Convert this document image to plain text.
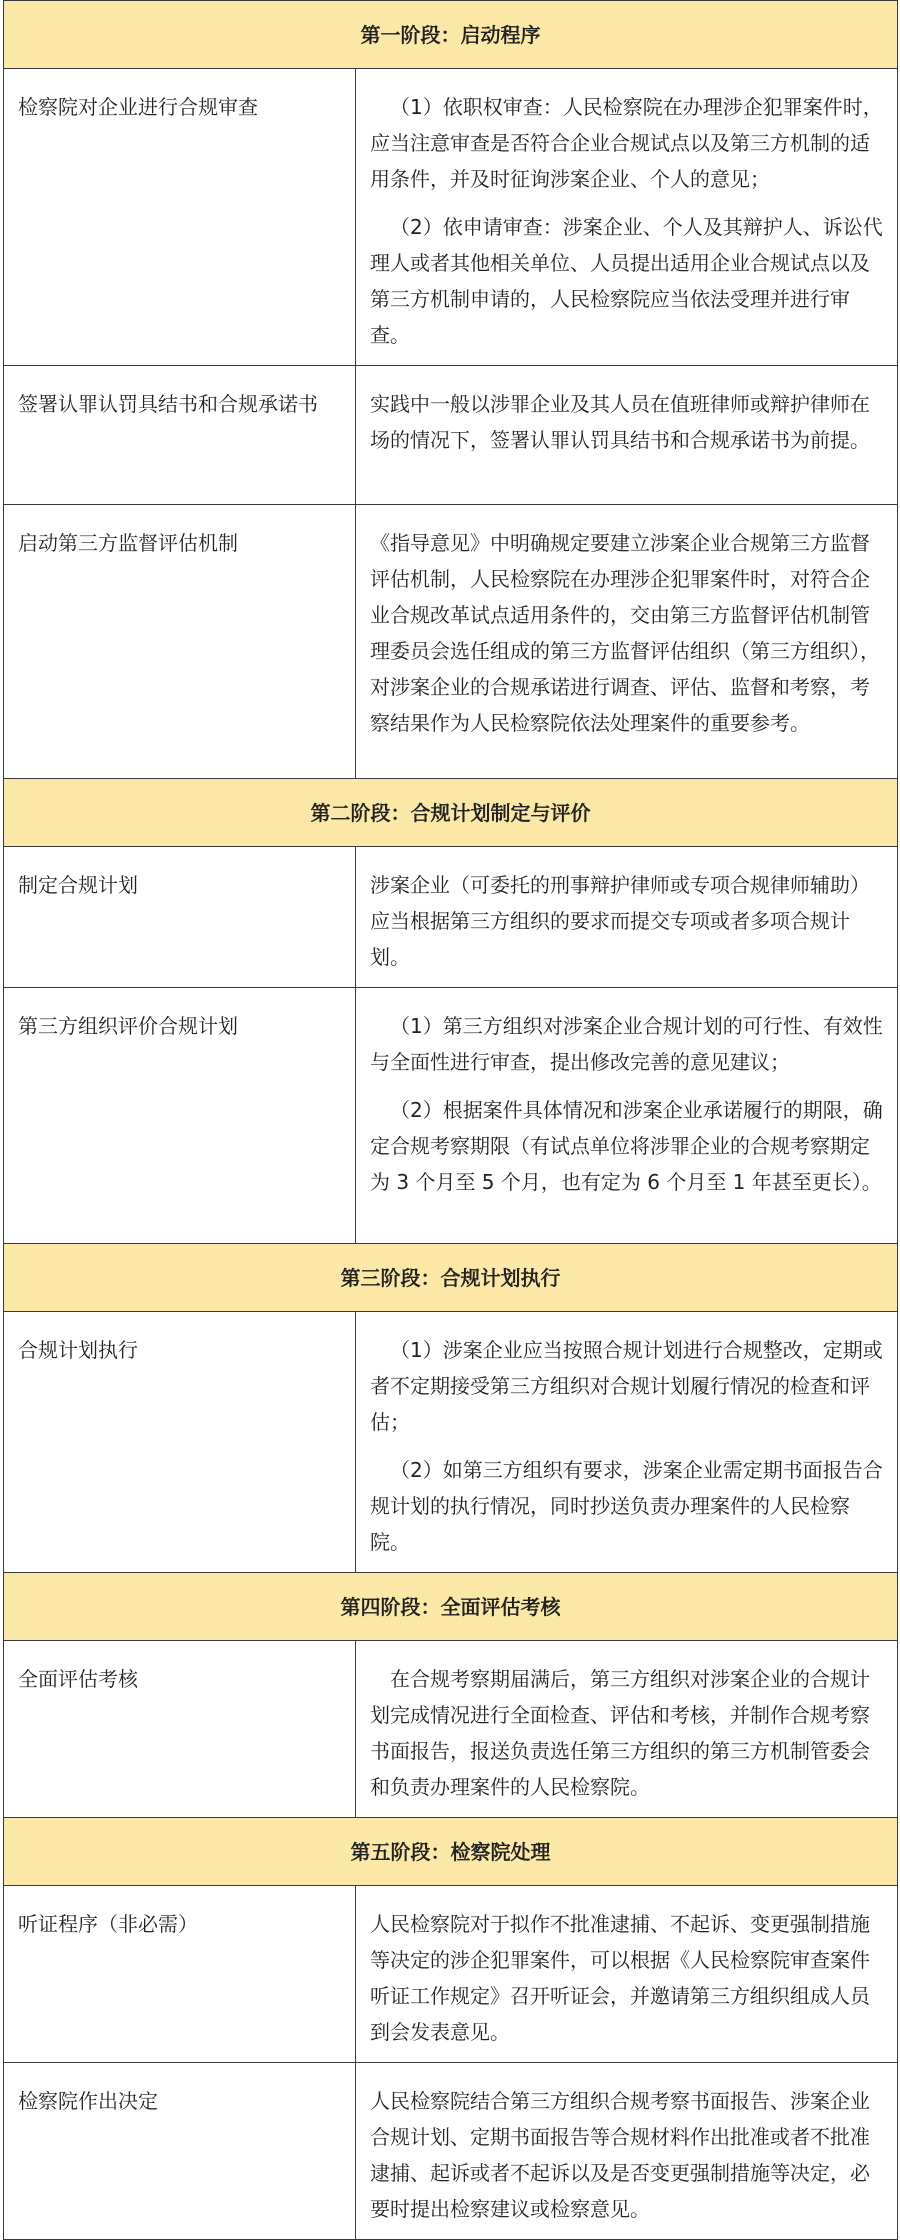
第一阶段：启动程序	
检察院对企业进行合规审查	（1）依职权审查：人民检察院在办理涉企犯罪案件时，应当注意审查是否符合企业合规试点以及第三方机制的适用条件，并及时征询涉案企业、个人的意见；

（2）依申请审查：涉案企业、个人及其辩护人、诉讼代理人或者其他相关单位、人员提出适用企业合规试点以及第三方机制申请的，人民检察院应当依法受理并进行审查。

签署认罪认罚具结书和合规承诺书	实践中一般以涉罪企业及其人员在值班律师或辩护律师在场的情况下，签署认罪认罚具结书和合规承诺书为前提。

启动第三方监督评估机制	《指导意见》中明确规定要建立涉案企业合规第三方监督评估机制，人民检察院在办理涉企犯罪案件时，对符合企业合规改革试点适用条件的，交由第三方监督评估机制管理委员会选任组成的第三方监督评估组织（第三方组织），对涉案企业的合规承诺进行调查、评估、监督和考察，考察结果作为人民检察院依法处理案件的重要参考。

第二阶段：合规计划制定与评价	
制定合规计划	涉案企业（可委托的刑事辩护律师或专项合规律师辅助）应当根据第三方组织的要求而提交专项或者多项合规计划。

第三方组织评价合规计划	（1）第三方组织对涉案企业合规计划的可行性、有效性与全面性进行审查，提出修改完善的意见建议；

（2）根据案件具体情况和涉案企业承诺履行的期限，确定合规考察期限（有试点单位将涉罪企业的合规考察期定为 3 个月至 5 个月，也有定为 6 个月至 1 年甚至更长）。

第三阶段：合规计划执行	
合规计划执行	（1）涉案企业应当按照合规计划进行合规整改，定期或者不定期接受第三方组织对合规计划履行情况的检查和评估；

（2）如第三方组织有要求，涉案企业需定期书面报告合规计划的执行情况，同时抄送负责办理案件的人民检察院。

第四阶段：全面评估考核	
全面评估考核	在合规考察期届满后，第三方组织对涉案企业的合规计划完成情况进行全面检查、评估和考核，并制作合规考察书面报告，报送负责选任第三方组织的第三方机制管委会和负责办理案件的人民检察院。

第五阶段：检察院处理	
听证程序（非必需）	人民检察院对于拟作不批准逮捕、不起诉、变更强制措施等决定的涉企犯罪案件，可以根据《人民检察院审查案件听证工作规定》召开听证会，并邀请第三方组织组成人员到会发表意见。

检察院作出决定	人民检察院结合第三方组织合规考察书面报告、涉案企业合规计划、定期书面报告等合规材料作出批准或者不批准逮捕、起诉或者不起诉以及是否变更强制措施等决定，必要时提出检察建议或检察意见。
